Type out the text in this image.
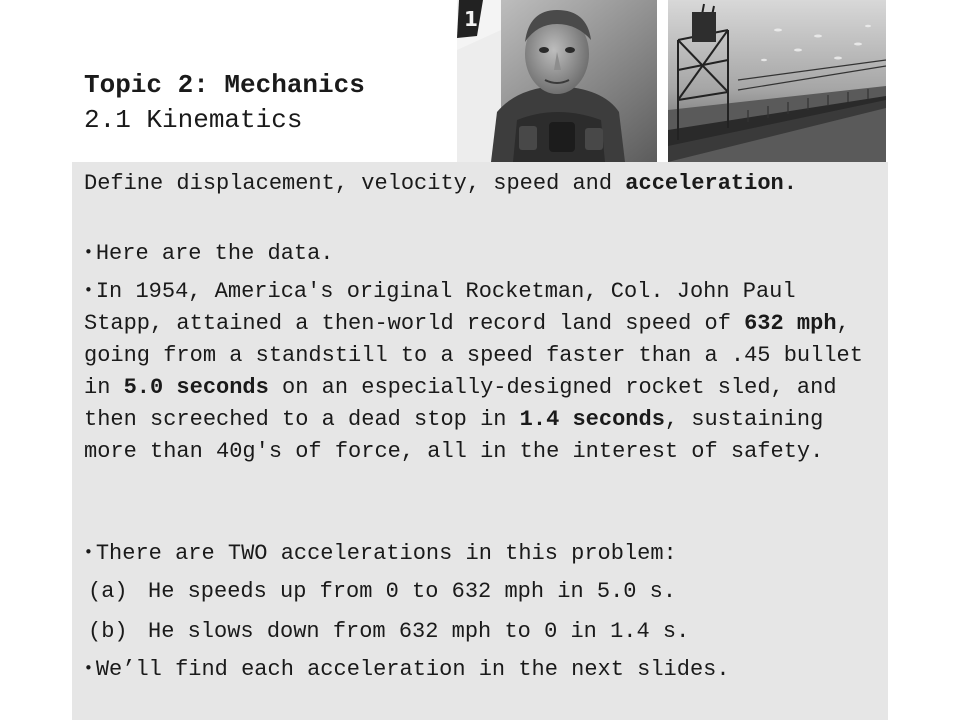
Topic 2: Mechanics
2.1 Kinematics
1

Define displacement, velocity, speed and acceleration.

• Here are the data.

• In 1954, America's original Rocketman, Col. John Paul Stapp, attained a then-world record land speed of 632 mph, going from a standstill to a speed faster than a .45 bullet in 5.0 seconds on an especially-designed rocket sled, and then screeched to a dead stop in 1.4 seconds, sustaining more than 40g's of force, all in the interest of safety.

• There are TWO accelerations in this problem:

(a) He speeds up from 0 to 632 mph in 5.0 s.

(b) He slows down from 632 mph to 0 in 1.4 s.

• We’ll find each acceleration in the next slides.
